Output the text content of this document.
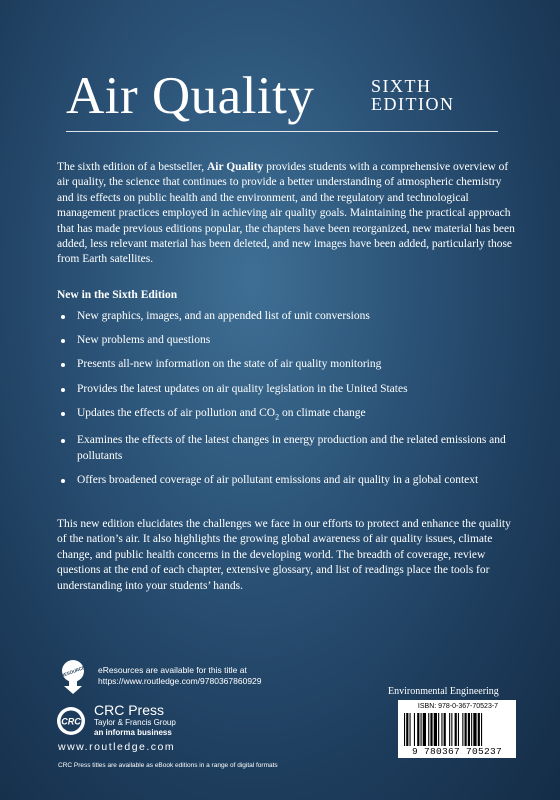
Air Quality	SIXTH
EDITION
The sixth edition of a bestseller, Air Quality provides students with a comprehensive overview of air quality, the science that continues to provide a better understanding of atmospheric chemistry and its effects on public health and the environment, and the regulatory and technological management practices employed in achieving air quality goals. Maintaining the practical approach that has made previous editions popular, the chapters have been reorganized, new material has been added, less relevant material has been deleted, and new images have been added, particularly those from Earth satellites.
New in the Sixth Edition
New graphics, images, and an appended list of unit conversions
New problems and questions
Presents all-new information on the state of air quality monitoring
Provides the latest updates on air quality legislation in the United States
Updates the effects of air pollution and $CO_2$ on climate change
Examines the effects of the latest changes in energy production and the related emissions and pollutants
Offers broadened coverage of air pollutant emissions and air quality in a global context
This new edition elucidates the challenges we face in our efforts to protect and enhance the quality of the nation’s air. It also highlights the growing global awareness of air quality issues, climate change, and public health concerns in the developing world. The breadth of coverage, review questions at the end of each chapter, extensive glossary, and list of readings place the tools for understanding into your students’ hands.
eRESOURCES eResources are available for this title at
https://www.routledge.com/9780367860929
CRC
CRC Press
Taylor & Francis Group
an informa business
www.routledge.com
CRC Press titles are available as eBook editions in a range of digital formats
Environmental Engineering
ISBN: 978-0-367-70523-7
9 780367 705237
